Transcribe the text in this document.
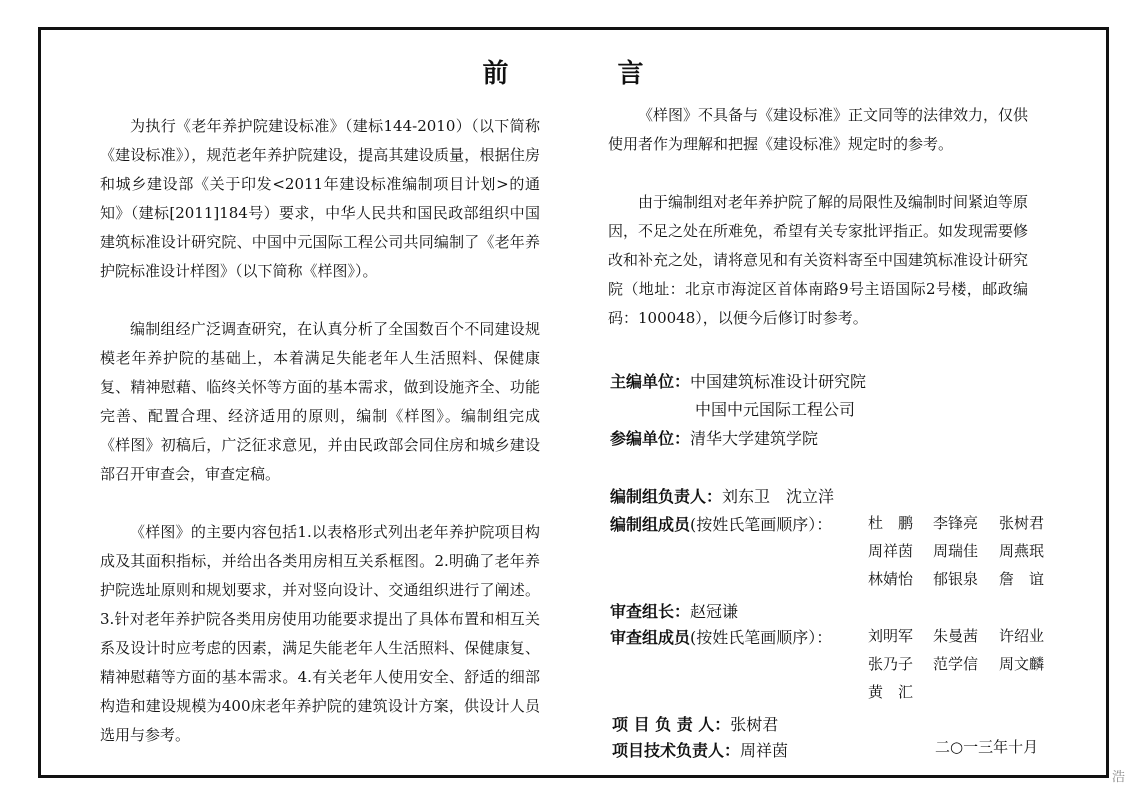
前 言

为执行《老年养护院建设标准》（建标144-2010）（以下简称《建设标准》），规范老年养护院建设，提高其建设质量，根据住房和城乡建设部《关于印发<2011年建设标准编制项目计划>的通知》（建标[2011]184号）要求，中华人民共和国民政部组织中国建筑标准设计研究院、中国中元国际工程公司共同编制了《老年养护院标准设计样图》（以下简称《样图》）。

编制组经广泛调查研究，在认真分析了全国数百个不同建设规模老年养护院的基础上，本着满足失能老年人生活照料、保健康复、精神慰藉、临终关怀等方面的基本需求，做到设施齐全、功能完善、配置合理、经济适用的原则，编制《样图》。编制组完成《样图》初稿后，广泛征求意见，并由民政部会同住房和城乡建设部召开审查会，审查定稿。

《样图》的主要内容包括1.以表格形式列出老年养护院项目构成及其面积指标，并给出各类用房相互关系框图。2.明确了老年养护院选址原则和规划要求，并对竖向设计、交通组织进行了阐述。3.针对老年养护院各类用房使用功能要求提出了具体布置和相互关系及设计时应考虑的因素，满足失能老年人生活照料、保健康复、精神慰藉等方面的基本需求。4.有关老年人使用安全、舒适的细部构造和建设规模为400床老年养护院的建筑设计方案，供设计人员选用与参考。

《样图》不具备与《建设标准》正文同等的法律效力，仅供使用者作为理解和把握《建设标准》规定时的参考。

由于编制组对老年养护院了解的局限性及编制时间紧迫等原因，不足之处在所难免，希望有关专家批评指正。如发现需要修改和补充之处，请将意见和有关资料寄至中国建筑标准设计研究院（地址：北京市海淀区首体南路9号主语国际2号楼，邮政编码：100048），以便今后修订时参考。

主编单位：中国建筑标准设计研究院
中国中元国际工程公司
参编单位：清华大学建筑学院
编制组负责人：刘东卫　沈立洋
编制组成员(按姓氏笔画顺序）：
审查组长：赵冠谦
审查组成员(按姓氏笔画顺序）：
项 目 负 责 人：张树君
项目技术负责人：周祥茵
杜　鹏 李锋亮 张树君
周祥茵 周瑞佳 周燕珉
林婧怡 郁银泉 詹　谊
刘明军 朱曼茜 许绍业
张乃子 范学信 周文麟
黄　汇
二○一三年十月
浩
